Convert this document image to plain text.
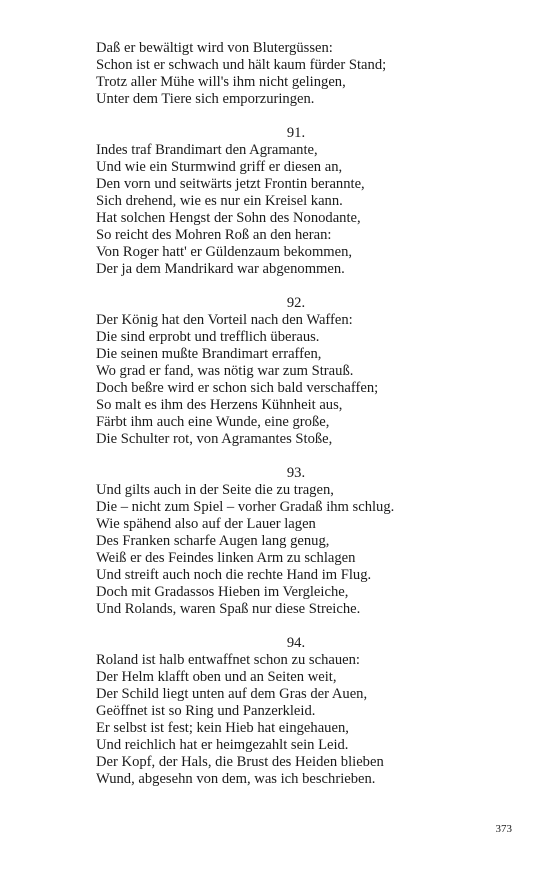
Daß er bewältigt wird von Blutergüssen:
Schon ist er schwach und hält kaum fürder Stand;
Trotz aller Mühe will's ihm nicht gelingen,
Unter dem Tiere sich emporzuringen.
91.
Indes traf Brandimart den Agramante,
Und wie ein Sturmwind griff er diesen an,
Den vorn und seitwärts jetzt Frontin berannte,
Sich drehend, wie es nur ein Kreisel kann.
Hat solchen Hengst der Sohn des Nonodante,
So reicht des Mohren Roß an den heran:
Von Roger hatt' er Güldenzaum bekommen,
Der ja dem Mandrikard war abgenommen.
92.
Der König hat den Vorteil nach den Waffen:
Die sind erprobt und trefflich überaus.
Die seinen mußte Brandimart erraffen,
Wo grad er fand, was nötig war zum Strauß.
Doch beßre wird er schon sich bald verschaffen;
So malt es ihm des Herzens Kühnheit aus,
Färbt ihm auch eine Wunde, eine große,
Die Schulter rot, von Agramantes Stoße,
93.
Und gilts auch in der Seite die zu tragen,
Die – nicht zum Spiel – vorher Gradaß ihm schlug.
Wie spähend also auf der Lauer lagen
Des Franken scharfe Augen lang genug,
Weiß er des Feindes linken Arm zu schlagen
Und streift auch noch die rechte Hand im Flug.
Doch mit Gradassos Hieben im Vergleiche,
Und Rolands, waren Spaß nur diese Streiche.
94.
Roland ist halb entwaffnet schon zu schauen:
Der Helm klafft oben und an Seiten weit,
Der Schild liegt unten auf dem Gras der Auen,
Geöffnet ist so Ring und Panzerkleid.
Er selbst ist fest; kein Hieb hat eingehauen,
Und reichlich hat er heimgezahlt sein Leid.
Der Kopf, der Hals, die Brust des Heiden blieben
Wund, abgesehn von dem, was ich beschrieben.
373
